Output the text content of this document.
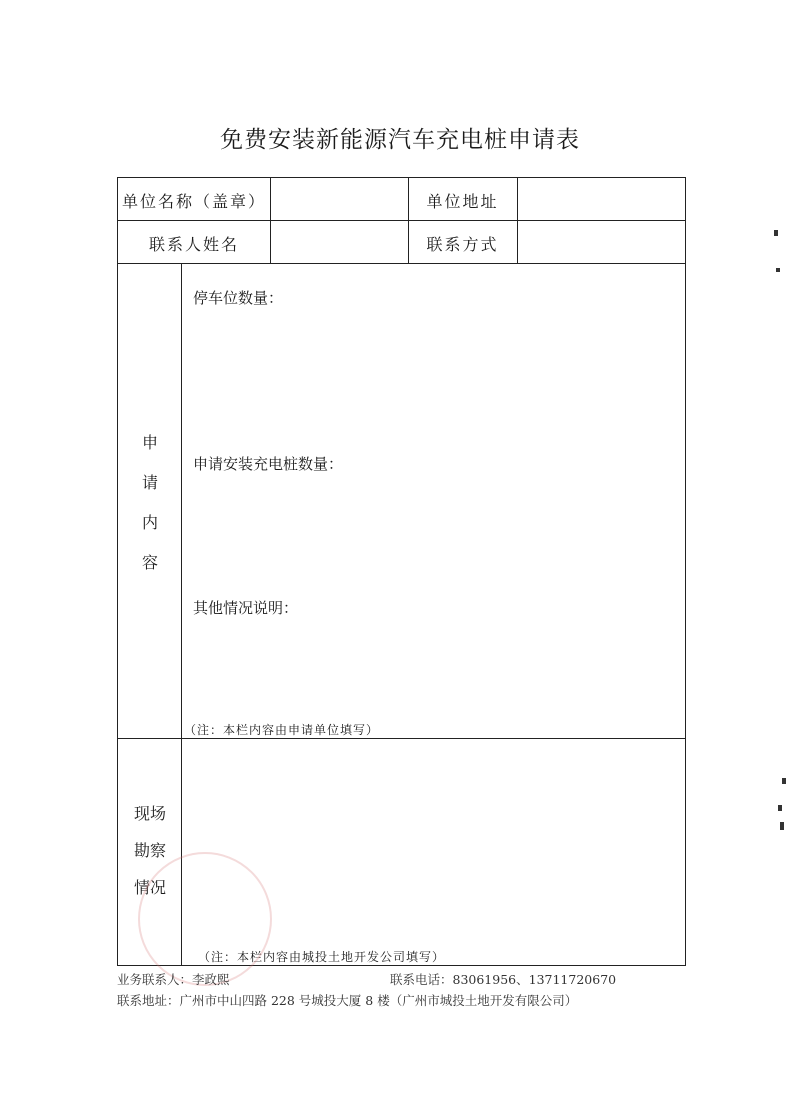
免费安装新能源汽车充电桩申请表
单位名称（盖章）	单位地址
联系人姓名	联系方式
申
请
内
容
停车位数量：
申请安装充电桩数量：
其他情况说明：
（注：本栏内容由申请单位填写）
现场
勘察
情况
（注：本栏内容由城投土地开发公司填写）
业务联系人：李政熙	联系电话：83061956、13711720670
联系地址：广州市中山四路 228 号城投大厦 8 楼（广州市城投土地开发有限公司）
